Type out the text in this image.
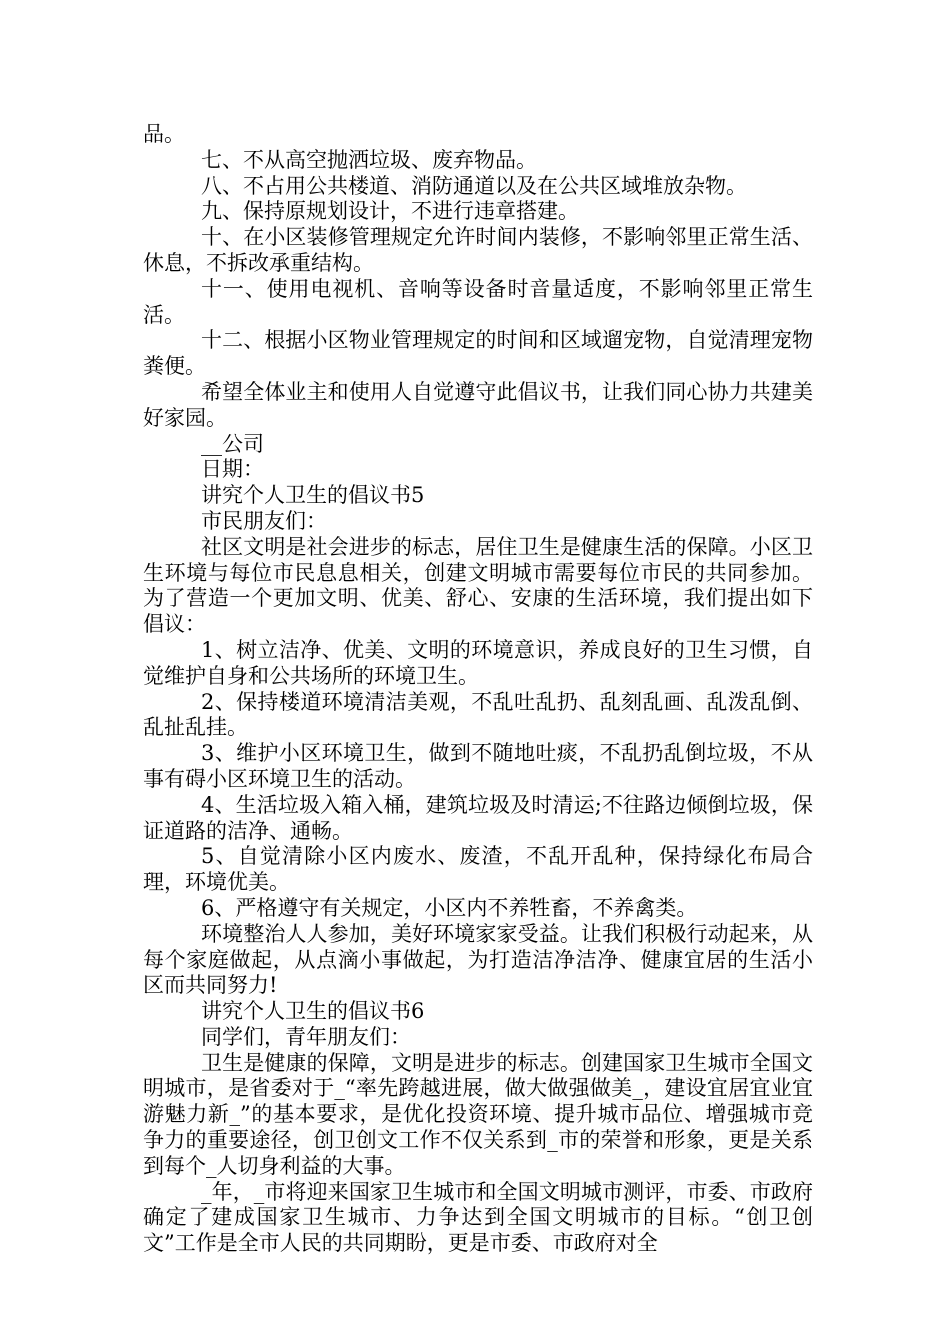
品。

七、不从高空抛洒垃圾、废弃物品。

八、不占用公共楼道、消防通道以及在公共区域堆放杂物。

九、保持原规划设计，不进行违章搭建。

十、在小区装修管理规定允许时间内装修，不影响邻里正常生活、休息，不拆改承重结构。

十一、使用电视机、音响等设备时音量适度，不影响邻里正常生活。

十二、根据小区物业管理规定的时间和区域遛宠物，自觉清理宠物粪便。

希望全体业主和使用人自觉遵守此倡议书，让我们同心协力共建美好家园。

__公司

日期：

讲究个人卫生的倡议书5

市民朋友们：

社区文明是社会进步的标志，居住卫生是健康生活的保障。小区卫生环境与每位市民息息相关，创建文明城市需要每位市民的共同参加。为了营造一个更加文明、优美、舒心、安康的生活环境，我们提出如下倡议：

1、树立洁净、优美、文明的环境意识，养成良好的卫生习惯，自觉维护自身和公共场所的环境卫生。

2、保持楼道环境清洁美观，不乱吐乱扔、乱刻乱画、乱泼乱倒、乱扯乱挂。

3、维护小区环境卫生，做到不随地吐痰，不乱扔乱倒垃圾，不从事有碍小区环境卫生的活动。

4、生活垃圾入箱入桶，建筑垃圾及时清运;不往路边倾倒垃圾，保证道路的洁净、通畅。

5、自觉清除小区内废水、废渣，不乱开乱种，保持绿化布局合理，环境优美。

6、严格遵守有关规定，小区内不养牲畜，不养禽类。

环境整治人人参加，美好环境家家受益。让我们积极行动起来，从每个家庭做起，从点滴小事做起，为打造洁净洁净、健康宜居的生活小区而共同努力!

讲究个人卫生的倡议书6

同学们，青年朋友们：

卫生是健康的保障，文明是进步的标志。创建国家卫生城市全国文明城市，是省委对于_“率先跨越进展，做大做强做美_，建设宜居宜业宜游魅力新_”的基本要求，是优化投资环境、提升城市品位、增强城市竞争力的重要途径，创卫创文工作不仅关系到_市的荣誉和形象，更是关系到每个_人切身利益的大事。

_年，_市将迎来国家卫生城市和全国文明城市测评，市委、市政府确定了建成国家卫生城市、力争达到全国文明城市的目标。“创卫创文”工作是全市人民的共同期盼，更是市委、市政府对全
